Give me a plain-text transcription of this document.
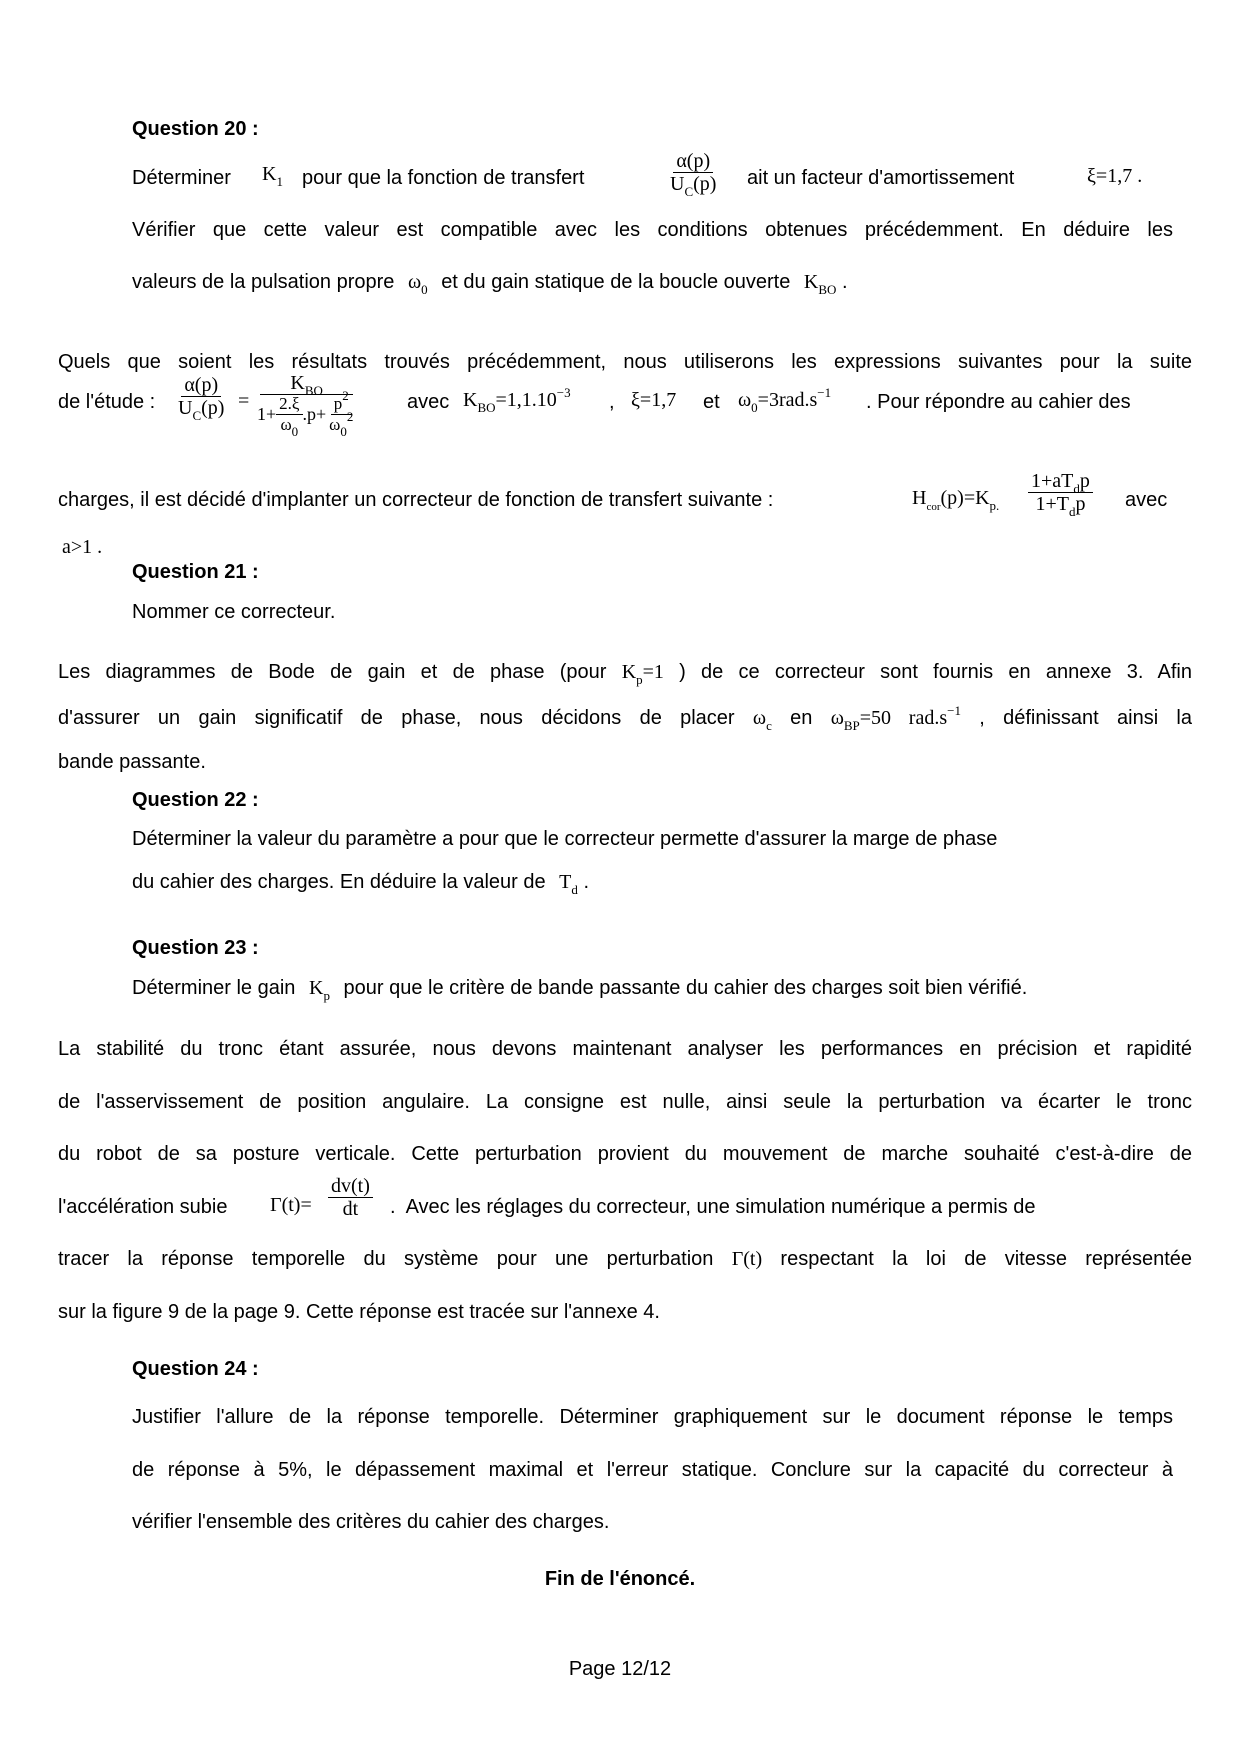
Question 20 :
Déterminer $K_1$ pour que la fonction de transfert	$\frac{\alpha(p)}{U_C(p)}$ ait un facteur d'amortissement	ξ=1,7 .
Vérifier que cette valeur est compatible avec les conditions obtenues précédemment. En déduire les
valeurs de la pulsation propre $\omega_0$ et du gain statique de la boucle ouverte $K_{BO}$ .
Quels que soient les résultats trouvés précédemment, nous utiliserons les expressions suivantes pour la suite
de l'étude : $\frac{\alpha(p)}{U_C(p)}$ =
$K_{BO}$
$1+ \frac{2.\xi}{\omega_0} .p+ \frac{p^2}{\omega_0^2}$	avec $K_{BO}=1,1.10^{-3}$ , ξ=1,7 et $\omega_0=3rad.s^{-1}$ . Pour répondre au cahier des
charges, il est décidé d'implanter un correcteur de fonction de transfert suivante :	$H_{cor}(p)=K_{p.}$
$1+aT_dp$
$1+T_dp$ avec
a>1 .
Question 21 :
Nommer ce correcteur.
Les diagrammes de Bode de gain et de phase (pour $K_p=1$ ) de ce correcteur sont fournis en annexe 3. Afin
d'assurer un gain significatif de phase, nous décidons de placer $\omega_c$ en $\omega_{BP}=50$ $rad.s^{-1}$ , définissant ainsi la
bande passante.
Question 22 :
Déterminer la valeur du paramètre a pour que le correcteur permette d'assurer la marge de phase
du cahier des charges. En déduire la valeur de $T_d$ .
Question 23 :
Déterminer le gain $K_p$ pour que le critère de bande passante du cahier des charges soit bien vérifié.
La stabilité du tronc étant assurée, nous devons maintenant analyser les performances en précision et rapidité
de l'asservissement de position angulaire. La consigne est nulle, ainsi seule la perturbation va écarter le tronc
du robot de sa posture verticale. Cette perturbation provient du mouvement de marche souhaité c'est-à-dire de
l'accélération subie $\Gamma(t)= \frac{dv(t)}{dt}$ .  Avec les réglages du correcteur, une simulation numérique a permis de
tracer la réponse temporelle du système pour une perturbation Γ(t) respectant la loi de vitesse représentée
sur la figure 9 de la page 9. Cette réponse est tracée sur l'annexe 4.
Question 24 :
Justifier l'allure de la réponse temporelle. Déterminer graphiquement sur le document réponse le temps
de réponse à 5%, le dépassement maximal et l'erreur statique. Conclure sur la capacité du correcteur à
vérifier l'ensemble des critères du cahier des charges.
Fin de l'énoncé.
Page 12/12
